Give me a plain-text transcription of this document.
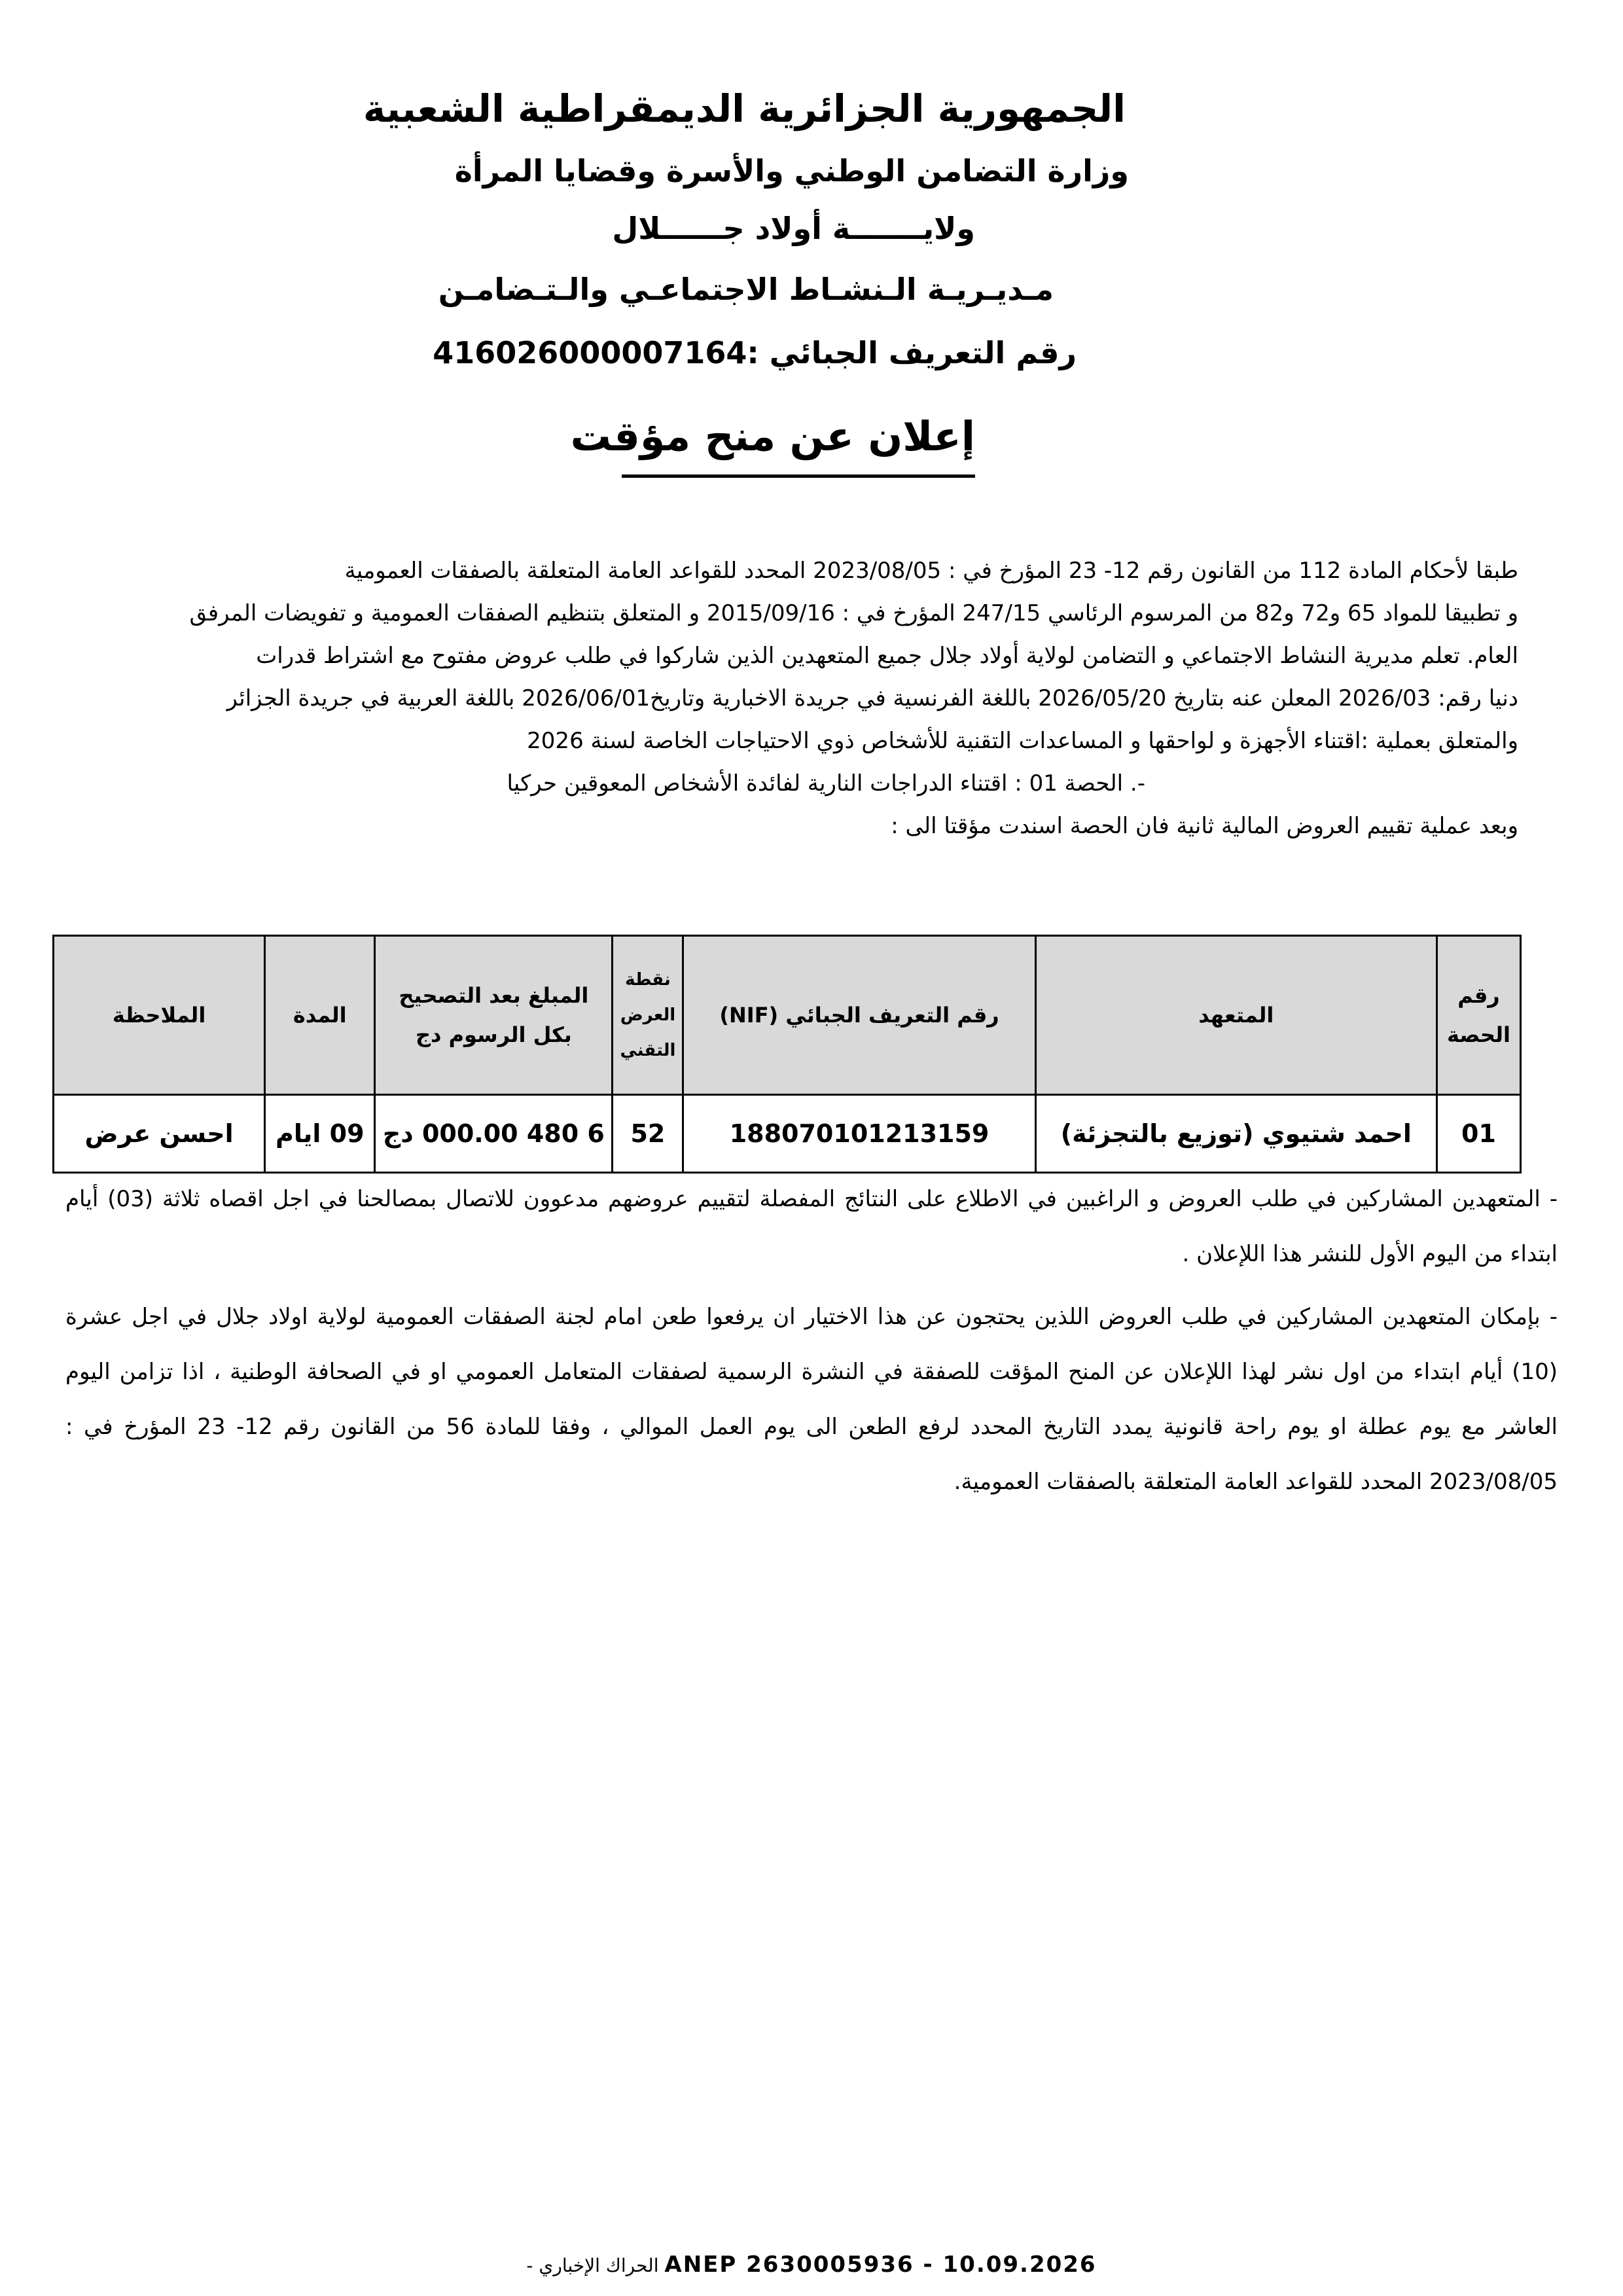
الجمهورية الجزائرية الديمقراطية الشعبية
وزارة التضامن الوطني والأسرة وقضايا المرأة
ولايـــــــة أولاد جــــــلال
مـديـريـة الـنشـاط الاجتماعـي والـتـضامـن
رقم التعريف الجبائي :416026000007164
إعلان عن منح مؤقت
طبقا لأحكام المادة 112 من القانون رقم 12- 23 المؤرخ في : 2023/08/05 المحدد للقواعد العامة المتعلقة بالصفقات العمومية
و تطبيقا للمواد 65 و72 و82 من المرسوم الرئاسي 247/15 المؤرخ في : 2015/09/16 و المتعلق بتنظيم الصفقات العمومية و تفويضات المرفق
العام. تعلم مديرية النشاط الاجتماعي و التضامن لولاية أولاد جلال جميع المتعهدين الذين شاركوا في طلب عروض مفتوح مع اشتراط قدرات
دنيا رقم: 2026/03 المعلن عنه بتاريخ 2026/05/20 باللغة الفرنسية في جريدة الاخبارية وتاريخ2026/06/01 باللغة العربية في جريدة الجزائر
والمتعلق بعملية :اقتناء الأجهزة و لواحقها و المساعدات التقنية للأشخاص ذوي الاحتياجات الخاصة لسنة 2026
-. الحصة 01 : اقتناء الدراجات النارية لفائدة الأشخاص المعوقين حركيا
وبعد عملية تقييم العروض المالية ثانية فان الحصة اسندت مؤقتا الى :
رقم الحصة	المتعهد	رقم التعريف الجبائي (NIF)	نقطة العرض التقني	المبلغ بعد التصحيح بكل الرسوم دج	المدة	الملاحظة
01	احمد شتيوي (توزيع بالتجزئة)	188070101213159	52	6 480 000.00 دج	09 ايام	احسن عرض

- المتعهدين المشاركين في طلب العروض و الراغبين في الاطلاع على النتائج المفصلة لتقييم عروضهم مدعوون للاتصال بمصالحنا في اجل اقصاه ثلاثة (03) أيام ابتداء من اليوم الأول للنشر هذا اللإعلان .

- بإمكان المتعهدين المشاركين في طلب العروض اللذين يحتجون عن هذا الاختيار ان يرفعوا طعن امام لجنة الصفقات العمومية لولاية اولاد جلال في اجل عشرة (10) أيام ابتداء من اول نشر لهذا اللإعلان عن المنح المؤقت للصفقة في النشرة الرسمية لصفقات المتعامل العمومي او في الصحافة الوطنية ، اذا تزامن اليوم العاشر مع يوم عطلة او يوم راحة قانونية يمدد التاريخ المحدد لرفع الطعن الى يوم العمل الموالي ، وفقا للمادة 56 من القانون رقم 12- 23 المؤرخ في : 2023/08/05 المحدد للقواعد العامة المتعلقة بالصفقات العمومية.

الحراك الإخباري - ANEP 2630005936 - 10.09.2026
